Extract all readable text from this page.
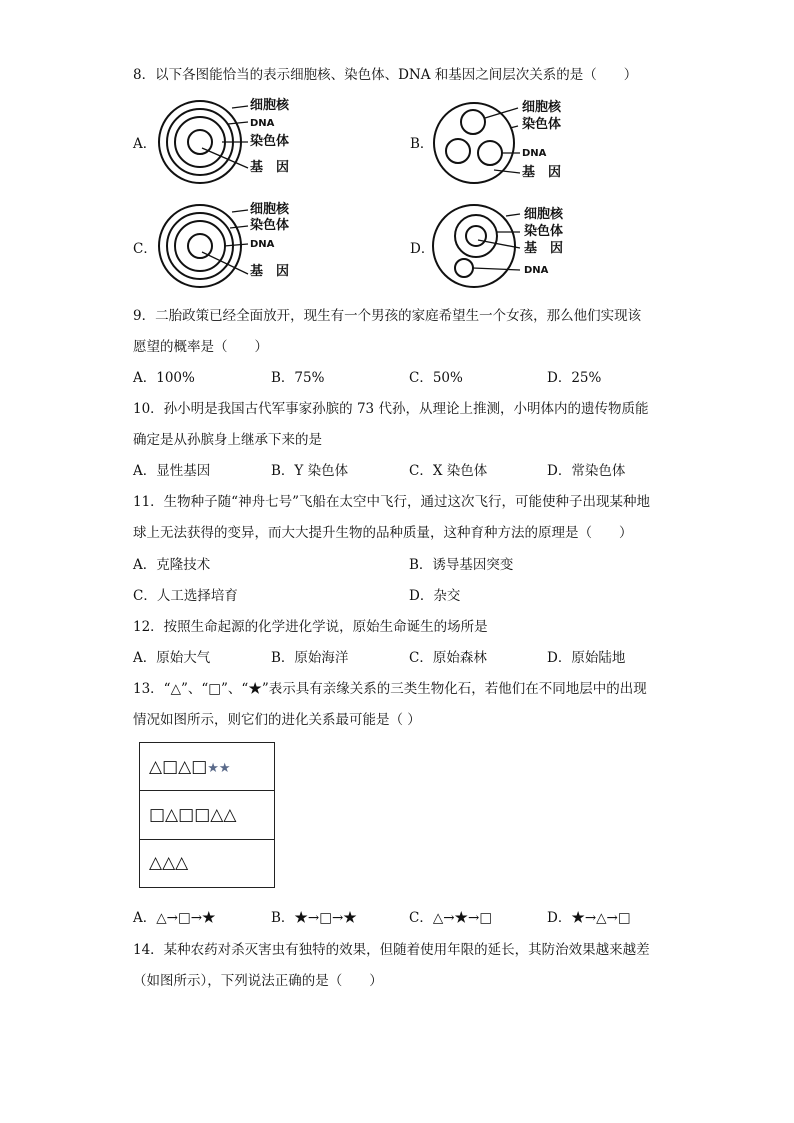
8．以下各图能恰当的表示细胞核、染色体、DNA 和基因之间层次关系的是（　　）
A．
细胞核
DNA
染色体
基　因
B．
细胞核
染色体
DNA
基　因
C．
细胞核
染色体
DNA
基　因
D．
细胞核
染色体
基　因
DNA
9．二胎政策已经全面放开，现生有一个男孩的家庭希望生一个女孩，那么他们实现该
愿望的概率是（　　）
A．100%	B．75%	C．50%	D．25%
10．孙小明是我国古代军事家孙膑的 73 代孙，从理论上推测，小明体内的遗传物质能
确定是从孙膑身上继承下来的是
A．显性基因	B．Y 染色体	C．X 染色体	D．常染色体
11．生物种子随“神舟七号”飞船在太空中飞行，通过这次飞行，可能使种子出现某种地
球上无法获得的变异，而大大提升生物的品种质量，这种育种方法的原理是（　　）
A．克隆技术	B．诱导基因突变
C．人工选择培育	D．杂交
12．按照生命起源的化学进化学说，原始生命诞生的场所是
A．原始大气	B．原始海洋	C．原始森林	D．原始陆地
13．“△”、“□”、“★”表示具有亲缘关系的三类生物化石，若他们在不同地层中的出现
情况如图所示，则它们的进化关系最可能是（ ）
△□△□★★
□△□□△△
△△△
A．△→□→★	B．★→□→★	C．△→★→□	D．★→△→□
14．某种农药对杀灭害虫有独特的效果，但随着使用年限的延长，其防治效果越来越差
（如图所示），下列说法正确的是（　　）
